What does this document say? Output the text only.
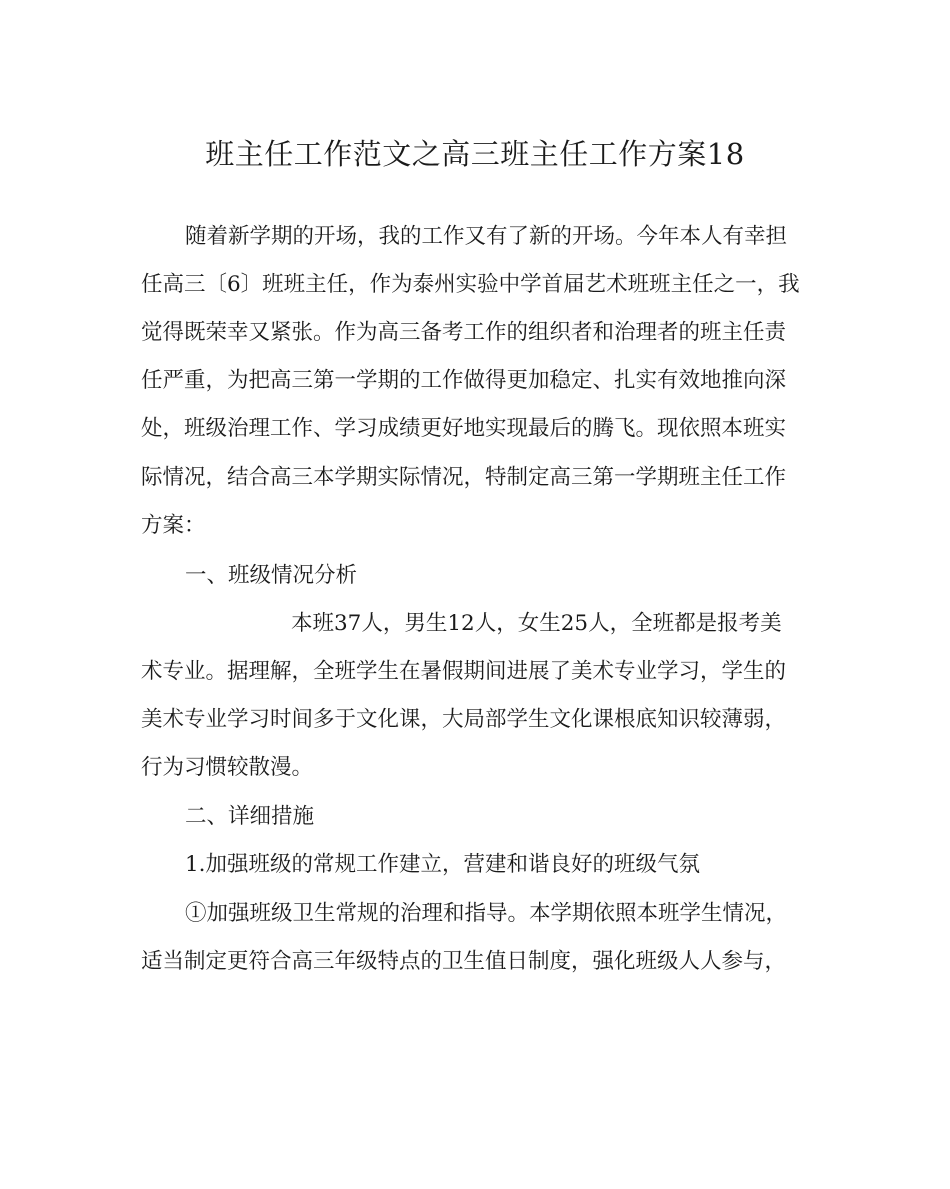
班主任工作范文之高三班主任工作方案18

随着新学期的开场，我的工作又有了新的开场。今年本人有幸担

任高三〔6〕班班主任，作为泰州实验中学首届艺术班班主任之一，我

觉得既荣幸又紧张。作为高三备考工作的组织者和治理者的班主任责

任严重，为把高三第一学期的工作做得更加稳定、扎实有效地推向深

处，班级治理工作、学习成绩更好地实现最后的腾飞。现依照本班实

际情况，结合高三本学期实际情况，特制定高三第一学期班主任工作

方案：

一、班级情况分析

本班37人，男生12人，女生25人，全班都是报考美

术专业。据理解，全班学生在暑假期间进展了美术专业学习，学生的

美术专业学习时间多于文化课，大局部学生文化课根底知识较薄弱，

行为习惯较散漫。

二、详细措施

1.加强班级的常规工作建立，营建和谐良好的班级气氛

①加强班级卫生常规的治理和指导。本学期依照本班学生情况，

适当制定更符合高三年级特点的卫生值日制度，强化班级人人参与，
